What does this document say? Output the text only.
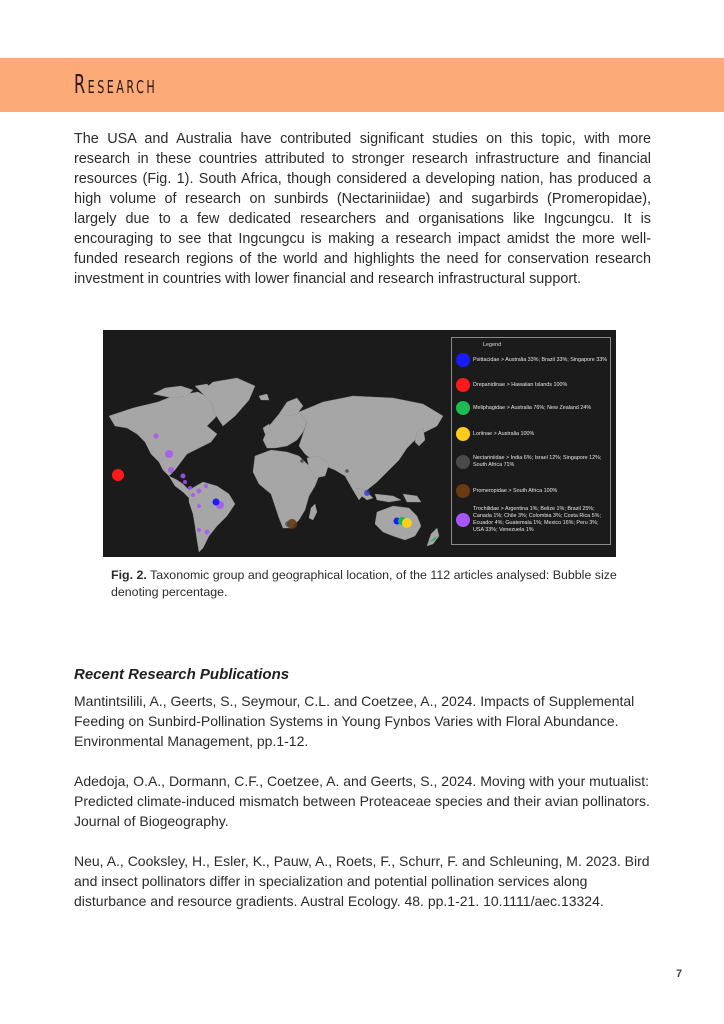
Research

The USA and Australia have contributed significant studies on this topic, with more research in these countries attributed to stronger research infrastructure and financial resources (Fig. 1). South Africa, though considered a developing nation, has produced a high volume of research on sunbirds (Nectariniidae) and sugarbirds (Promeropidae), largely due to a few dedicated researchers and organisations like Ingcungcu. It is encouraging to see that Ingcungcu is making a research impact amidst the more well-funded research regions of the world and highlights the need for conservation research investment in countries with lower financial and research infrastructural support.

Legend
Psittacidae > Australia 33%; Brazil 33%; Singapore 33%
Drepanidinae > Hawaiian Islands 100%
Meliphagidae > Australia 76%; New Zealand 24%
Loriinae > Australia 100%
Nectariniidae > India 6%; Israel 12%; Singapore 12%; South Africa 71%
Promeropidae > South Africa 100%
Trochilidae > Argentina 1%; Belize 1%; Brazil 25%; Canada 1%; Chile 3%; Colombia 3%; Costa Rica 5%; Ecuador 4%; Guatemala 1%; Mexico 16%; Peru 3%; USA 33%; Venezuela 1%

Fig. 2. Taxonomic group and geographical location, of the 112 articles analysed: Bubble size denoting percentage.

Recent Research Publications

Mantintsilili, A., Geerts, S., Seymour, C.L. and Coetzee, A., 2024. Impacts of Supplemental Feeding on Sunbird-Pollination Systems in Young Fynbos Varies with Floral Abundance. Environmental Management, pp.1-12.

Adedoja, O.A., Dormann, C.F., Coetzee, A. and Geerts, S., 2024. Moving with your mutualist: Predicted climate-induced mismatch between Proteaceae species and their avian pollinators. Journal of Biogeography.

Neu, A., Cooksley, H., Esler, K., Pauw, A., Roets, F., Schurr, F. and Schleuning, M. 2023. Bird and insect pollinators differ in specialization and potential pollination services along disturbance and resource gradients. Austral Ecology. 48. pp.1-21. 10.1111/aec.13324.

7
